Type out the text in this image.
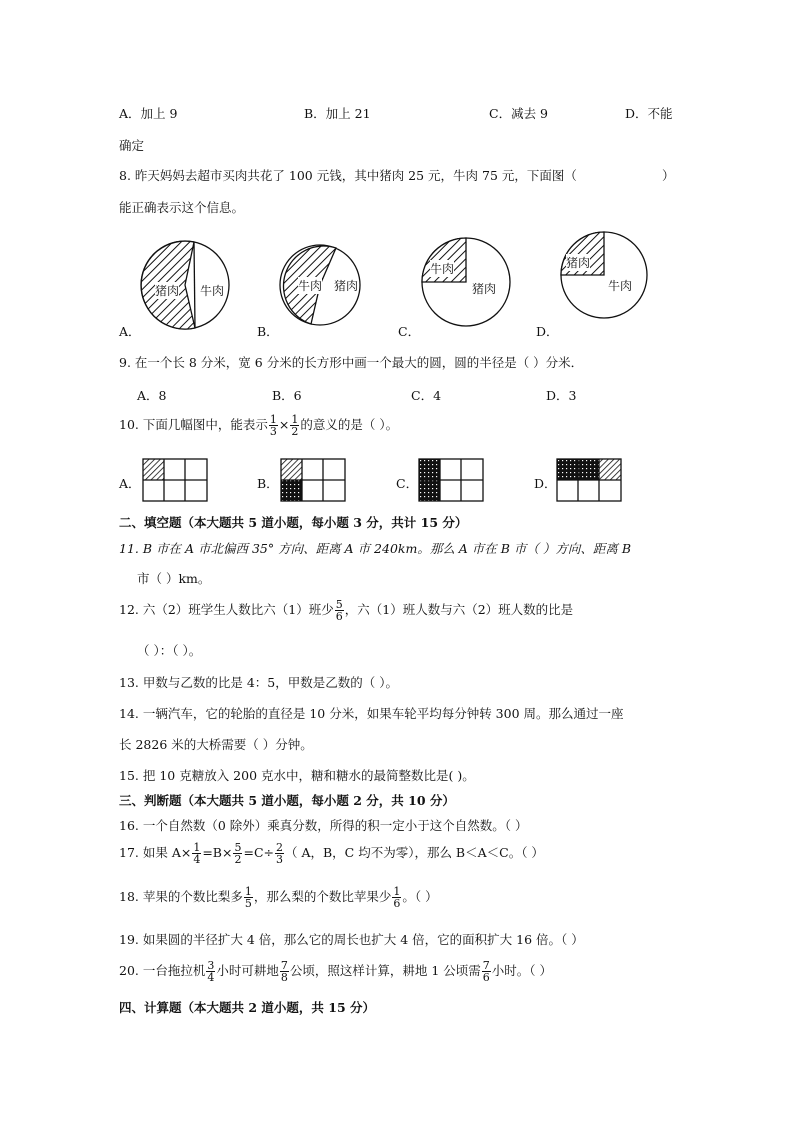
A．加上 9	B．加上 21	C．减去 9	D．不能
确定
8. 昨天妈妈去超市买肉共花了 100 元钱，其中猪肉 25 元，牛肉 75 元，下面图（	）
能正确表示这个信息。
猪肉 牛肉
A．
牛肉 猪肉
B．
牛肉
猪肉
C．
猪肉
牛肉
D．
9. 在一个长 8 分米，宽 6 分米的长方形中画一个最大的圆，圆的半径是（ ）分米．
A．8	B．6	C．4	D．3
10. 下面几幅图中，能表示 $\frac{1}{3} \times \frac{1}{2}$ 的意义的是（ ）。
A．	B．	C．	D．
二、填空题（本大题共 5 道小题，每小题 3 分，共计 15 分）
11. B 市在 A 市北偏西 35° 方向、距离 A 市 240km。那么 A 市在 B 市（ ）方向、距离 B
市（ ）km。
12. 六（2）班学生人数比六（1）班少 $\frac{5}{6}$ ，六（1）班人数与六（2）班人数的比是
（ ）：（ ）。
13. 甲数与乙数的比是 4：5，甲数是乙数的（ ）。
14. 一辆汽车，它的轮胎的直径是 10 分米，如果车轮平均每分钟转 300 周。那么通过一座
长 2826 米的大桥需要（ ）分钟。
15. 把 10 克糖放入 200 克水中，糖和糖水的最简整数比是( )。
三、判断题（本大题共 5 道小题，每小题 2 分，共 10 分）
16. 一个自然数（0 除外）乘真分数，所得的积一定小于这个自然数。（ ）
17. 如果 $A\times \frac{1}{4} =B\times \frac{5}{2} =C\div \frac{2}{3}$ （ A，B，C 均不为零），那么 B＜A＜C。（ ）
18. 苹果的个数比梨多 $\frac{1}{5}$ ，那么梨的个数比苹果少 $\frac{1}{6}$ 。（ ）
19. 如果圆的半径扩大 4 倍，那么它的周长也扩大 4 倍，它的面积扩大 16 倍。（ ）
20. 一台拖拉机 $\frac{3}{4}$ 小时可耕地 $\frac{7}{8}$ 公顷，照这样计算，耕地 1 公顷需 $\frac{7}{6}$ 小时。（ ）
四、计算题（本大题共 2 道小题，共 15 分）
